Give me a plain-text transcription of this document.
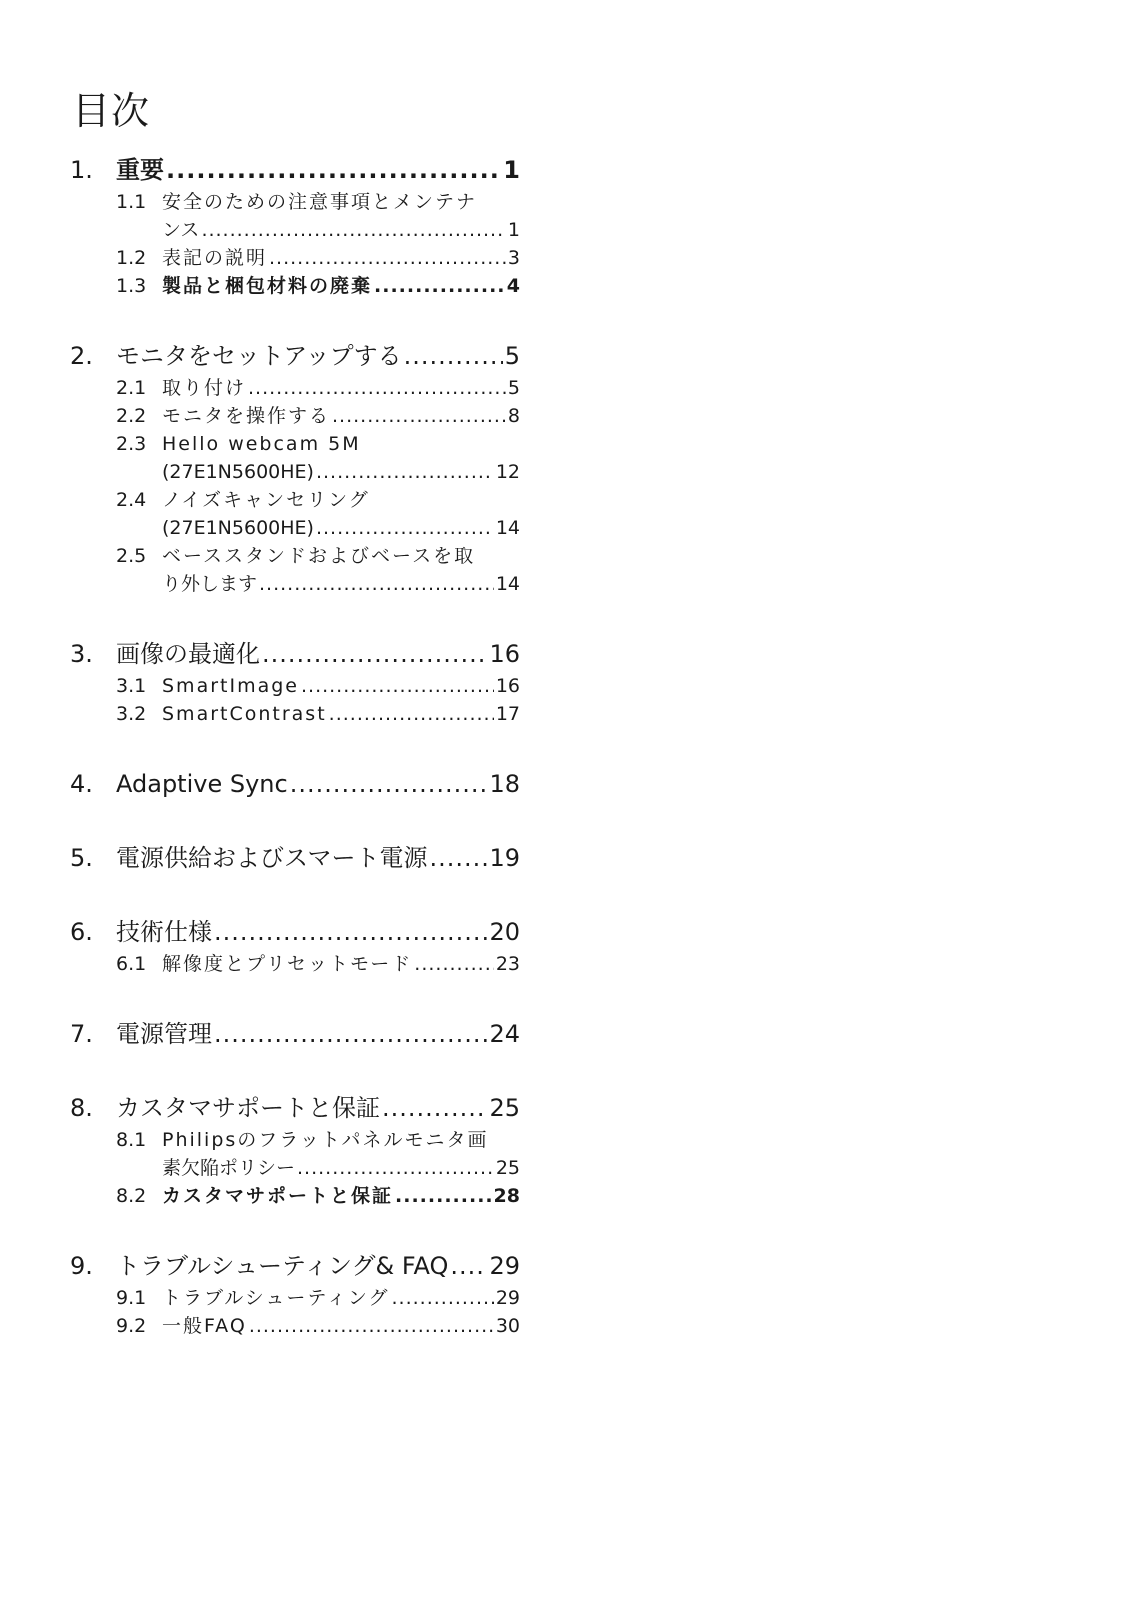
目次
1. 重要 .....	1
1.1 安全のための注意事項とメンテナ
ンス .....	1
1.2 表記の説明 .....	3
1.3 製品と梱包材料の廃棄 .....	4
2. モニタをセットアップする .....	5
2.1 取り付け .....	5
2.2 モニタを操作する .....	8
2.3 Hello webcam 5M
(27E1N5600HE) .....	12
2.4 ノイズキャンセリング
(27E1N5600HE) .....	14
2.5 ベーススタンドおよびベースを取
り外します .....	14
3. 画像の最適化 .....	16
3.1 SmartImage .....	16
3.2 SmartContrast .....	17
4. Adaptive Sync .....	18
5. 電源供給およびスマート電源 .....	19
6. 技術仕様 .....	20
6.1 解像度とプリセットモード .....	23
7. 電源管理 .....	24
8. カスタマサポートと保証 .....	25
8.1 Philipsのフラットパネルモニタ画
素欠陥ポリシー .....	25
8.2 カスタマサポートと保証 .....	28
9. トラブルシューティング& FAQ ..... 29
9.1 トラブルシューティング .....	29
9.2 一般FAQ .....	30
